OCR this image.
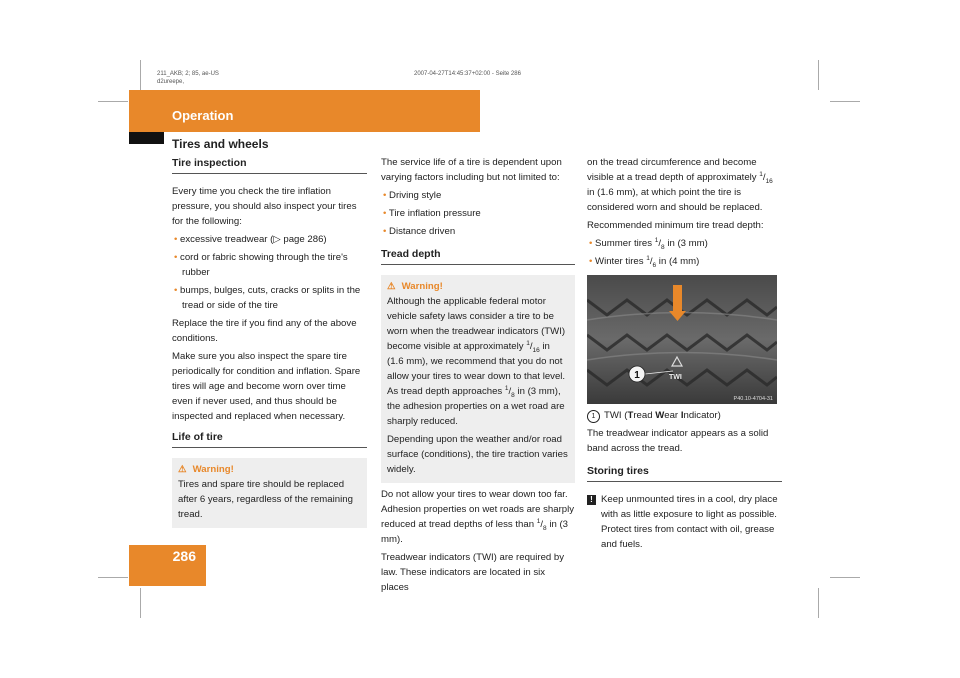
211_AKB; 2; 85, ae-US
d2ureepe,
2007-04-27T14:45:37+02:00 - Seite 286
Operation
Tires and wheels
286
Tire inspection

Every time you check the tire inflation pressure, you should also inspect your tires for the following:

• excessive treadwear (▷ page 286)

• cord or fabric showing through the tire's rubber

• bumps, bulges, cuts, cracks or splits in the tread or side of the tire

Replace the tire if you find any of the above conditions.

Make sure you also inspect the spare tire periodically for condition and inflation. Spare tires will age and become worn over time even if never used, and thus should be inspected and replaced when necessary.

Life of tire
⚠ Warning!
Tires and spare tire should be replaced after 6 years, regardless of the remaining tread.

The service life of a tire is dependent upon varying factors including but not limited to:

• Driving style

• Tire inflation pressure

• Distance driven

Tread depth
⚠ Warning!

Although the applicable federal motor vehicle safety laws consider a tire to be worn when the treadwear indicators (TWI) become visible at approximately $^1/_{16}$ in (1.6 mm), we recommend that you do not allow your tires to wear down to that level. As tread depth approaches $^1/_8$ in (3 mm), the adhesion properties on a wet road are sharply reduced.

Depending upon the weather and/or road surface (conditions), the tire traction varies widely.

Do not allow your tires to wear down too far. Adhesion properties on wet roads are sharply reduced at tread depths of less than $^1/_8$ in (3 mm).

Treadwear indicators (TWI) are required by law. These indicators are located in six places

on the tread circumference and become visible at a tread depth of approximately $^1/_{16}$ in (1.6 mm), at which point the tire is considered worn and should be replaced.

Recommended minimum tire tread depth:

• Summer tires $^1/_8$ in (3 mm)

• Winter tires $^1/_6$ in (4 mm)

1	TWI
P40.10-4704-31

1 TWI (Tread Wear Indicator)

The treadwear indicator appears as a solid band across the tread.

Storing tires

! Keep unmounted tires in a cool, dry place with as little exposure to light as possible. Protect tires from contact with oil, grease and fuels.
